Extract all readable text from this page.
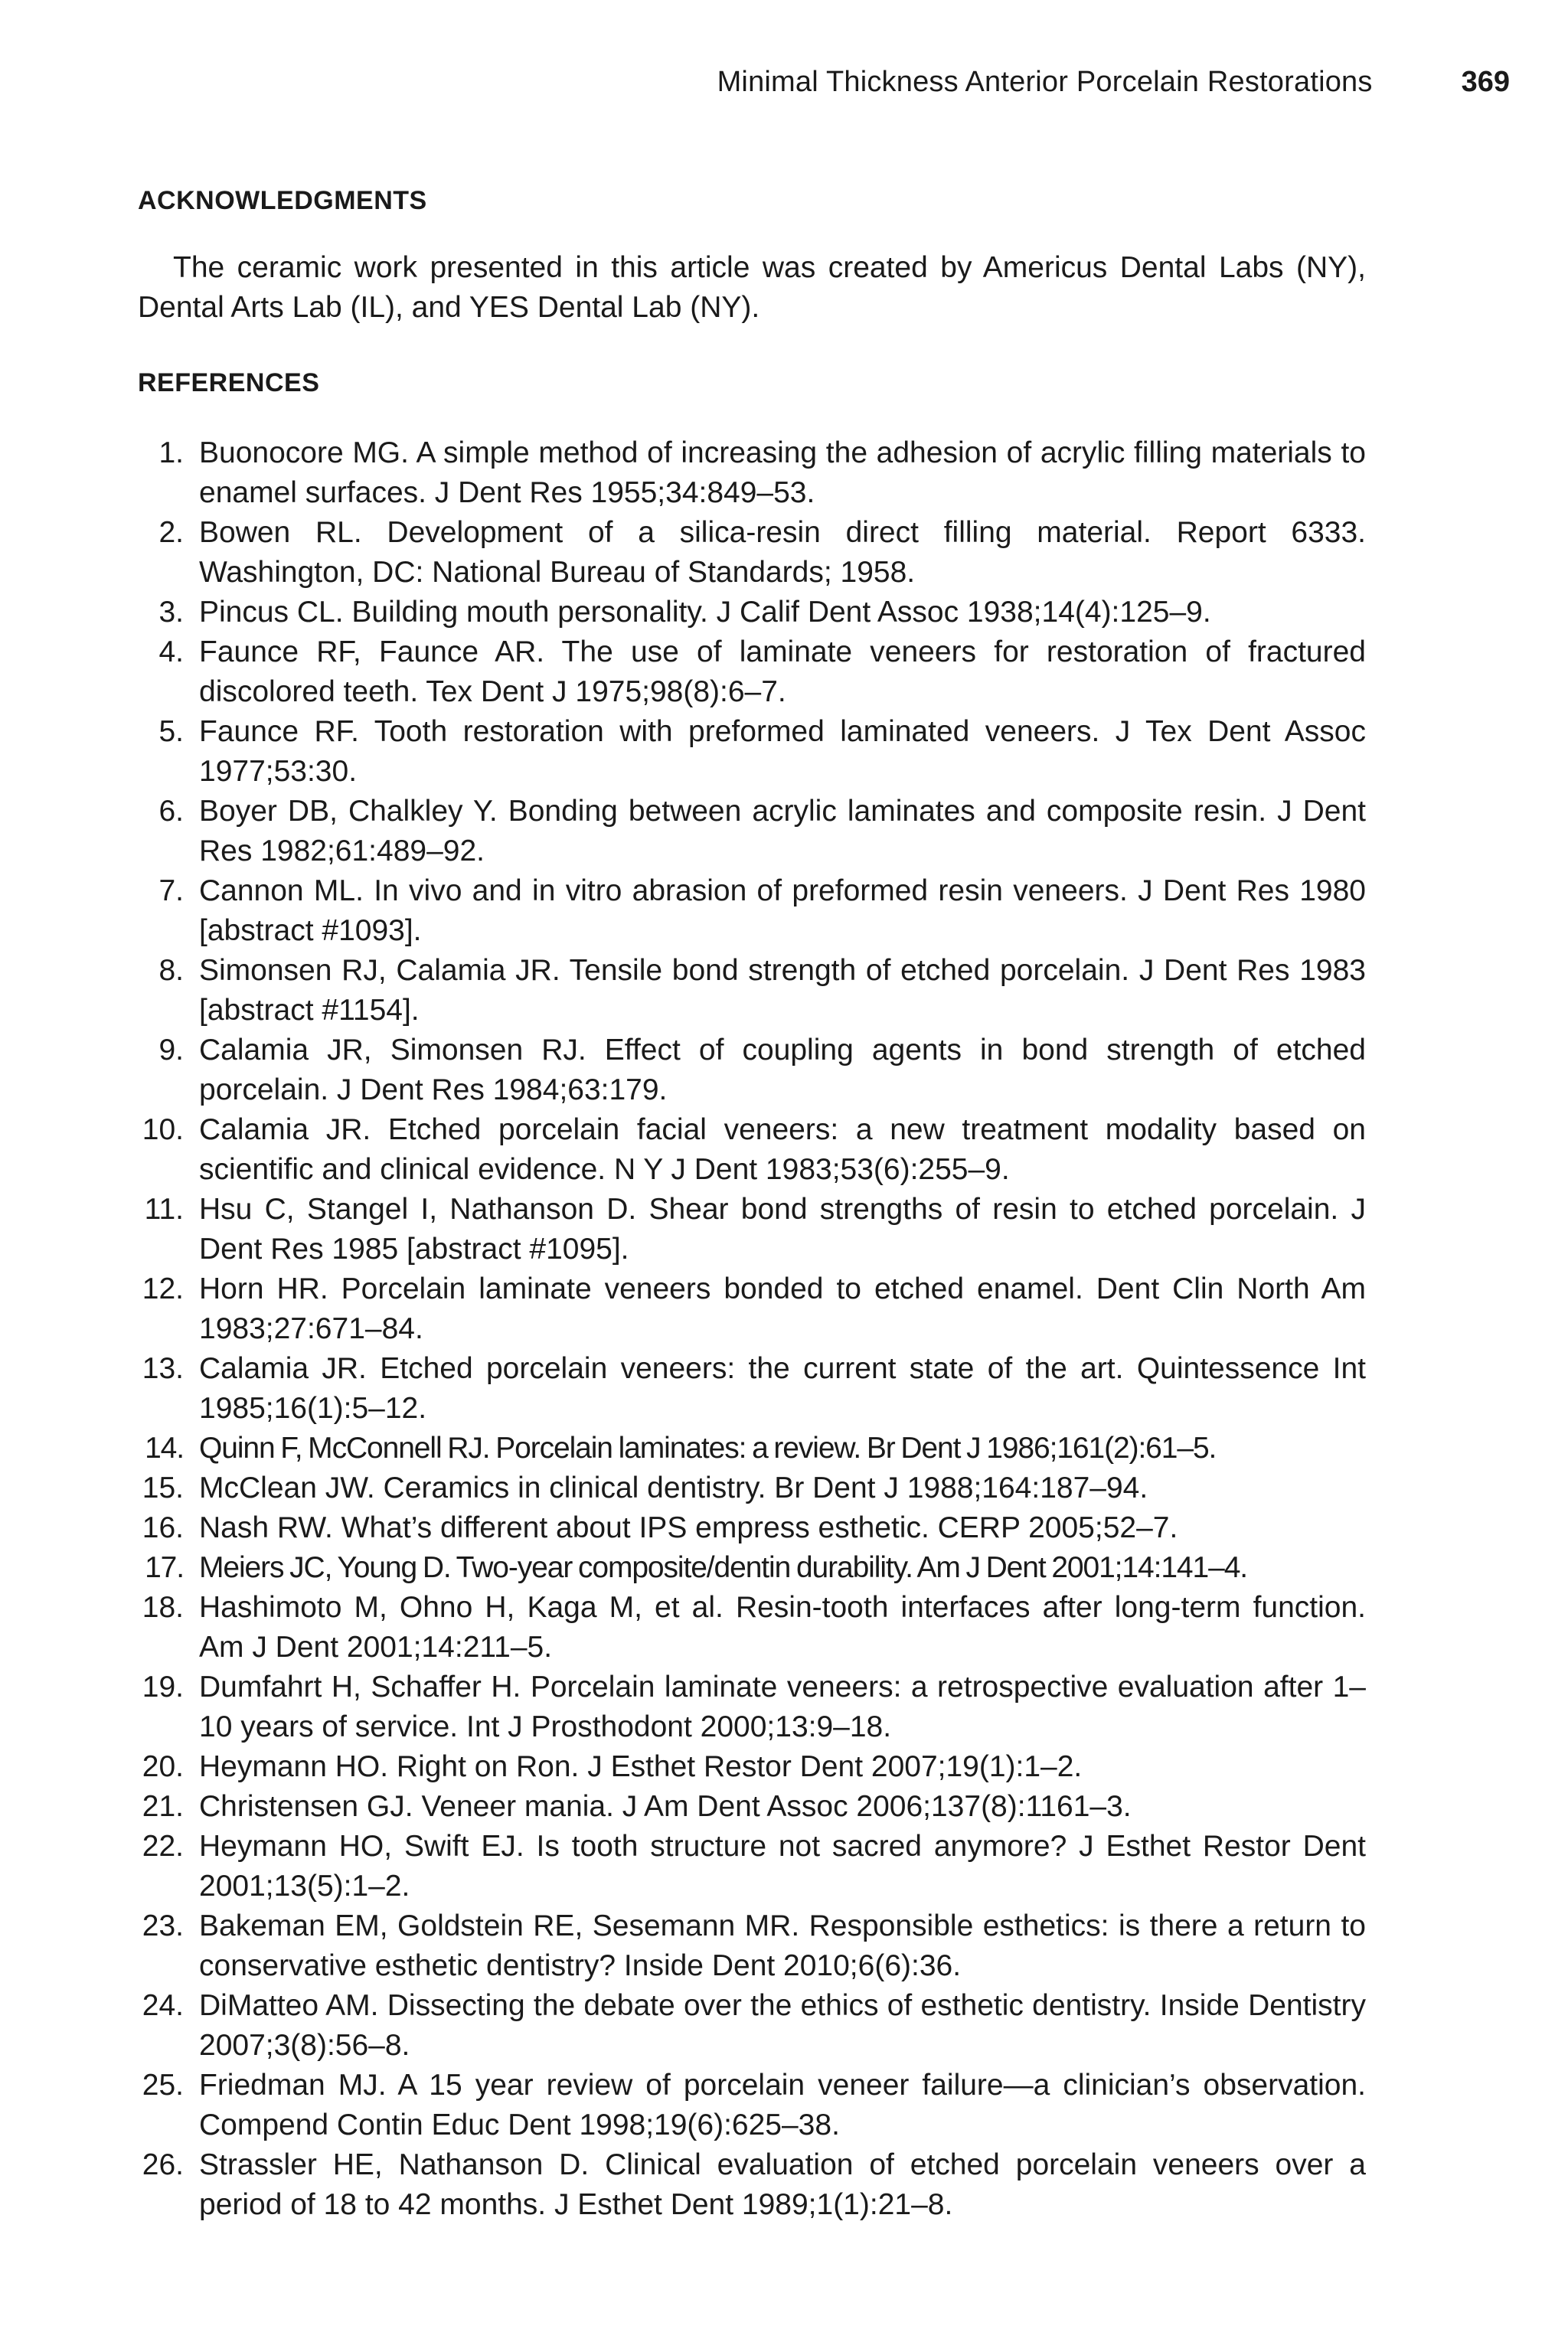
Minimal Thickness Anterior Porcelain Restorations	369
ACKNOWLEDGMENTS

The ceramic work presented in this article was created by Americus Dental Labs (NY), Dental Arts Lab (IL), and YES Dental Lab (NY).

REFERENCES
1. Buonocore MG. A simple method of increasing the adhesion of acrylic filling materials to enamel surfaces. J Dent Res 1955;34:849–53.
2. Bowen RL. Development of a silica-resin direct filling material. Report 6333. Washington, DC: National Bureau of Standards; 1958.
3. Pincus CL. Building mouth personality. J Calif Dent Assoc 1938;14(4):125–9.
4. Faunce RF, Faunce AR. The use of laminate veneers for restoration of fractured discolored teeth. Tex Dent J 1975;98(8):6–7.
5. Faunce RF. Tooth restoration with preformed laminated veneers. J Tex Dent Assoc 1977;53:30.
6. Boyer DB, Chalkley Y. Bonding between acrylic laminates and composite resin. J Dent Res 1982;61:489–92.
7. Cannon ML. In vivo and in vitro abrasion of preformed resin veneers. J Dent Res 1980 [abstract #1093].
8. Simonsen RJ, Calamia JR. Tensile bond strength of etched porcelain. J Dent Res 1983 [abstract #1154].
9. Calamia JR, Simonsen RJ. Effect of coupling agents in bond strength of etched porcelain. J Dent Res 1984;63:179.
10. Calamia JR. Etched porcelain facial veneers: a new treatment modality based on scientific and clinical evidence. N Y J Dent 1983;53(6):255–9.
11. Hsu C, Stangel I, Nathanson D. Shear bond strengths of resin to etched porcelain. J Dent Res 1985 [abstract #1095].
12. Horn HR. Porcelain laminate veneers bonded to etched enamel. Dent Clin North Am 1983;27:671–84.
13. Calamia JR. Etched porcelain veneers: the current state of the art. Quintessence Int 1985;16(1):5–12.
14. Quinn F, McConnell RJ. Porcelain laminates: a review. Br Dent J 1986;161(2):61–5.
15. McClean JW. Ceramics in clinical dentistry. Br Dent J 1988;164:187–94.
16. Nash RW. What’s different about IPS empress esthetic. CERP 2005;52–7.
17. Meiers JC, Young D. Two-year composite/dentin durability. Am J Dent 2001;14:141–4.
18. Hashimoto M, Ohno H, Kaga M, et al. Resin-tooth interfaces after long-term function. Am J Dent 2001;14:211–5.
19. Dumfahrt H, Schaffer H. Porcelain laminate veneers: a retrospective evaluation after 1–10 years of service. Int J Prosthodont 2000;13:9–18.
20. Heymann HO. Right on Ron. J Esthet Restor Dent 2007;19(1):1–2.
21. Christensen GJ. Veneer mania. J Am Dent Assoc 2006;137(8):1161–3.
22. Heymann HO, Swift EJ. Is tooth structure not sacred anymore? J Esthet Restor Dent 2001;13(5):1–2.
23. Bakeman EM, Goldstein RE, Sesemann MR. Responsible esthetics: is there a return to conservative esthetic dentistry? Inside Dent 2010;6(6):36.
24. DiMatteo AM. Dissecting the debate over the ethics of esthetic dentistry. Inside Dentistry 2007;3(8):56–8.
25. Friedman MJ. A 15 year review of porcelain veneer failure—a clinician’s observation. Compend Contin Educ Dent 1998;19(6):625–38.
26. Strassler HE, Nathanson D. Clinical evaluation of etched porcelain veneers over a period of 18 to 42 months. J Esthet Dent 1989;1(1):21–8.
